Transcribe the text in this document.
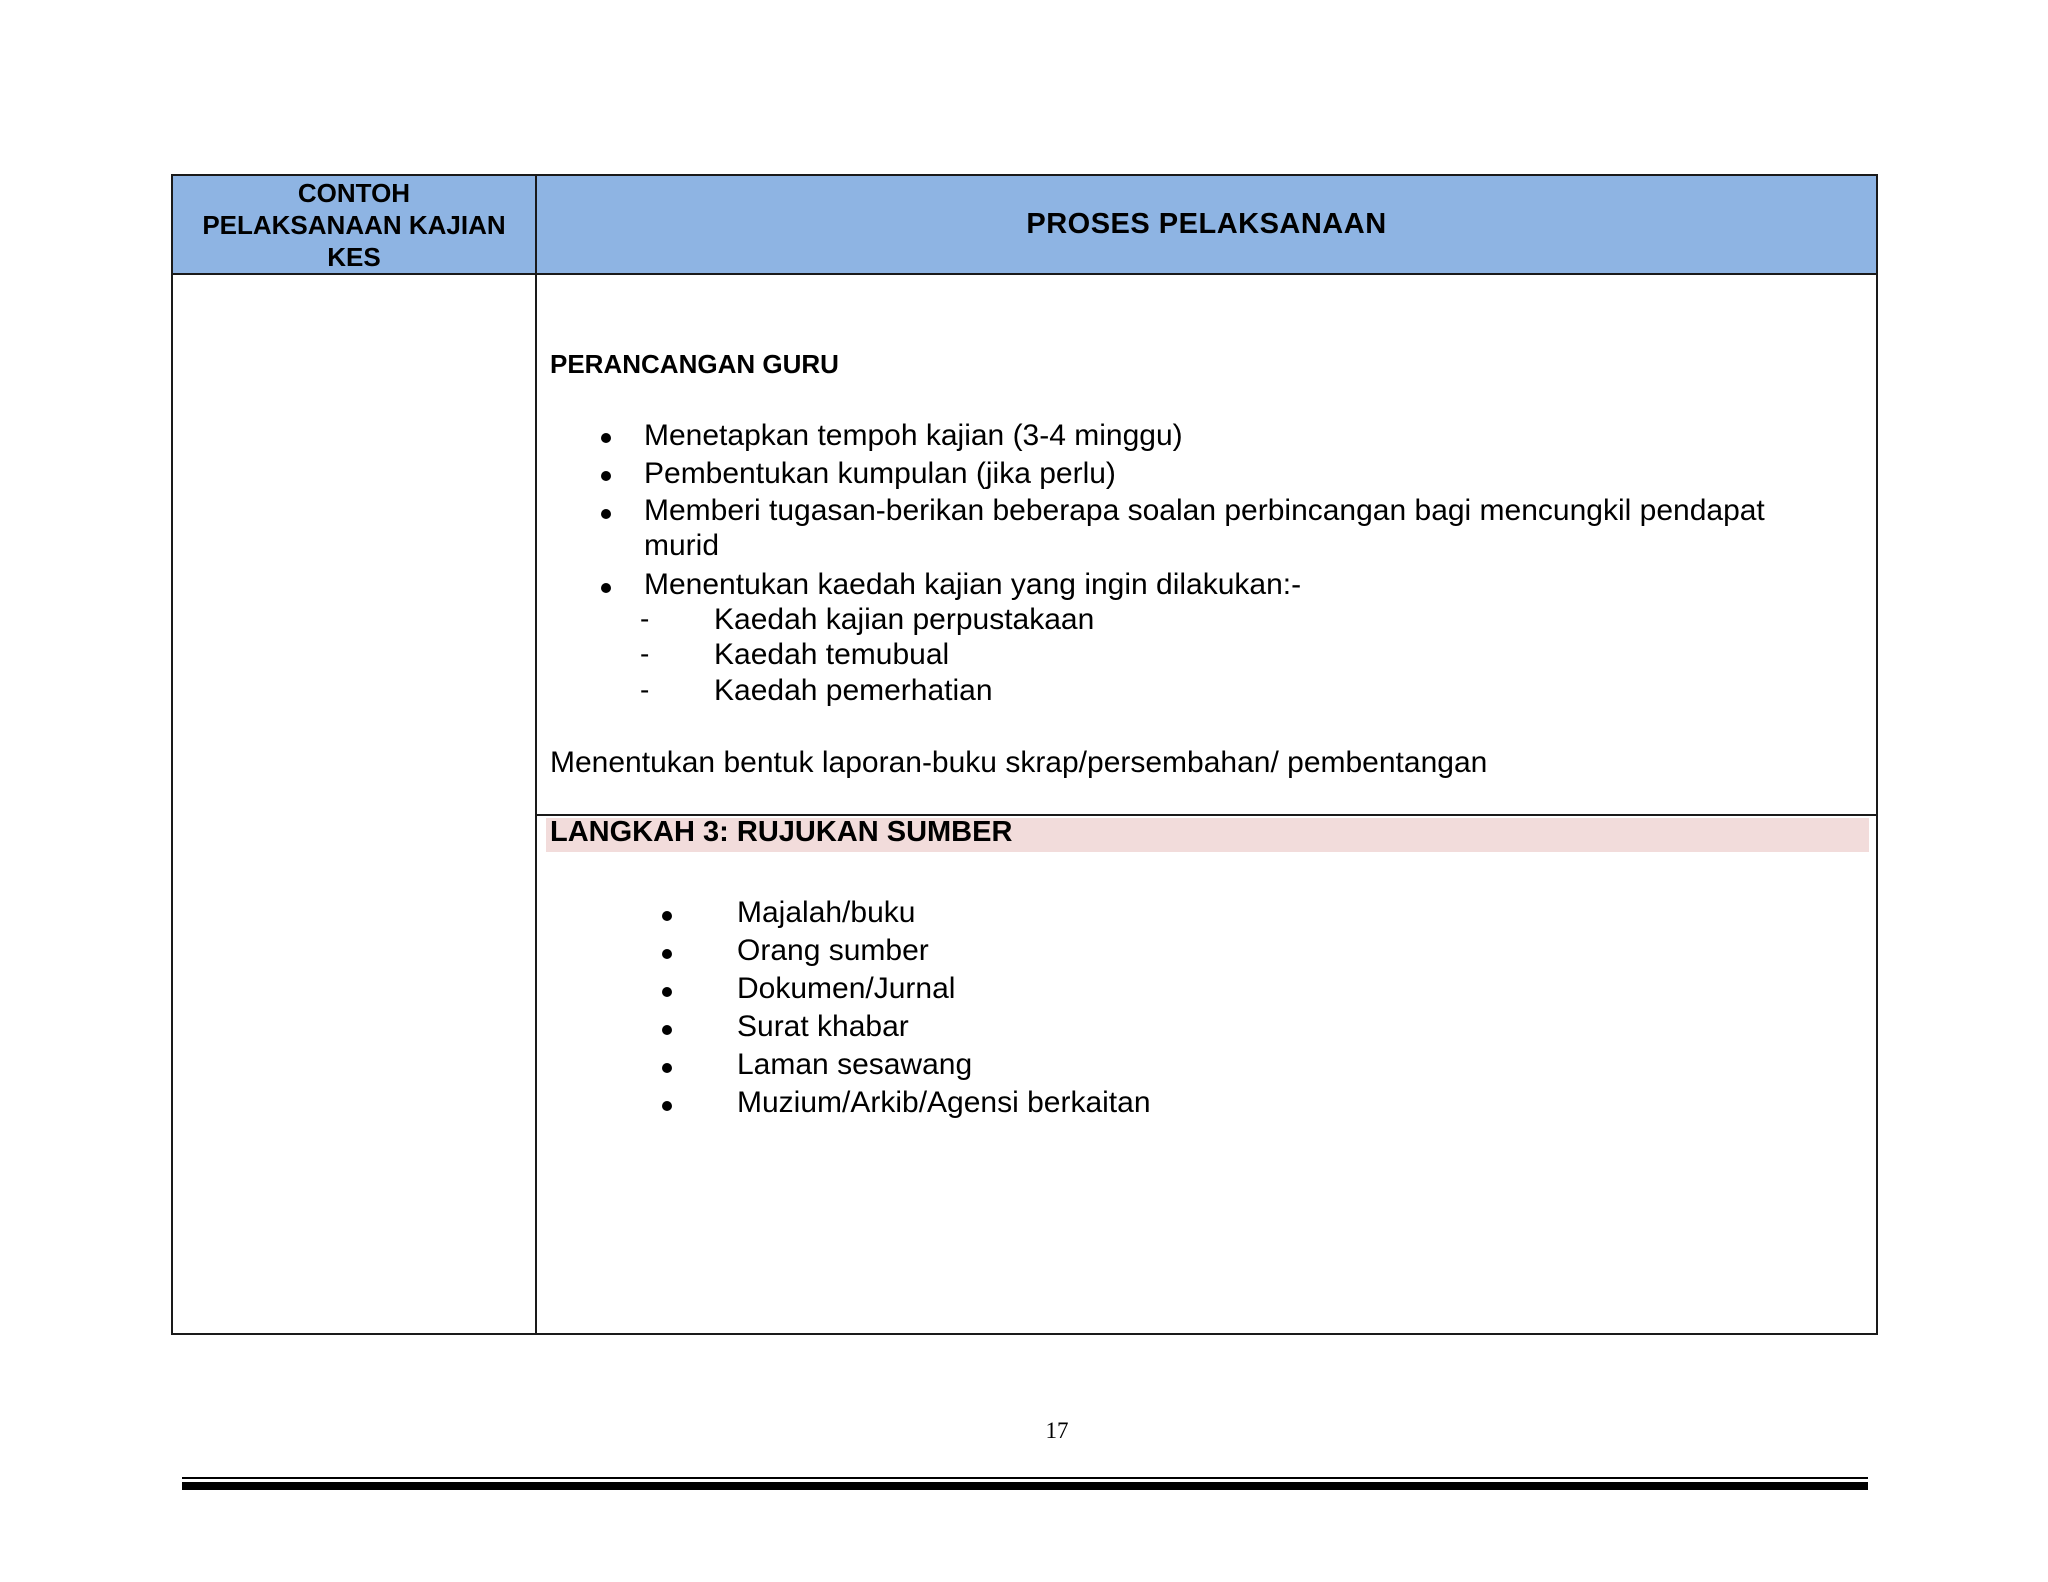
CONTOH
PELAKSANAAN KAJIAN
KES
PROSES PELAKSANAAN
PERANCANGAN GURU
Menetapkan tempoh kajian (3-4 minggu)
Pembentukan kumpulan (jika perlu)
Memberi tugasan-berikan beberapa soalan perbincangan bagi mencungkil pendapat
murid
Menentukan kaedah kajian yang ingin dilakukan:-
- Kaedah kajian perpustakaan
- Kaedah temubual
- Kaedah pemerhatian
Menentukan bentuk laporan-buku skrap/persembahan/ pembentangan
LANGKAH 3: RUJUKAN SUMBER
Majalah/buku
Orang sumber
Dokumen/Jurnal
Surat khabar
Laman sesawang
Muzium/Arkib/Agensi berkaitan
17
